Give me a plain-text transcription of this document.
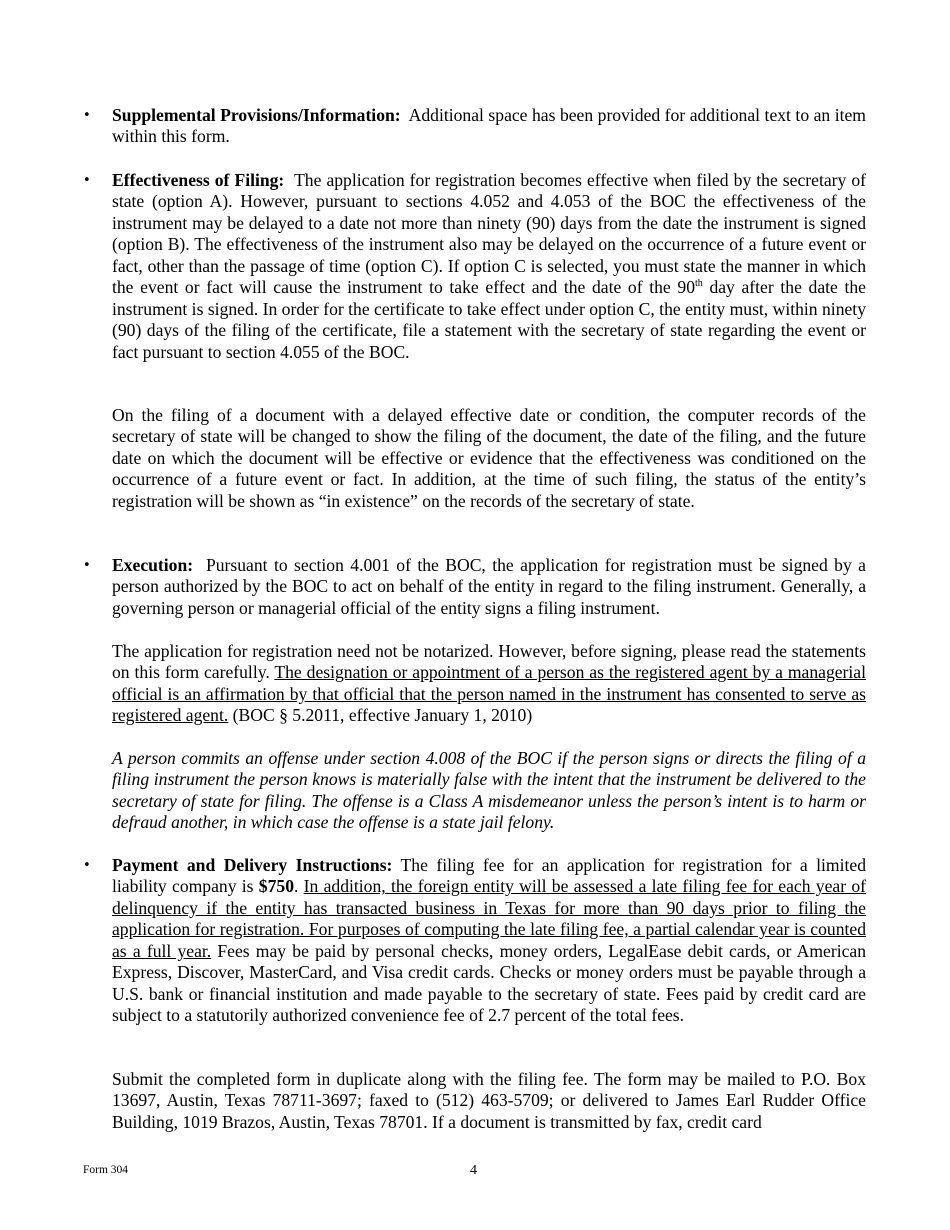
• Supplemental Provisions/Information: Additional space has been provided for additional text to an item within this form.

• Effectiveness of Filing: The application for registration becomes effective when filed by the secretary of state (option A). However, pursuant to sections 4.052 and 4.053 of the BOC the effectiveness of the instrument may be delayed to a date not more than ninety (90) days from the date the instrument is signed (option B). The effectiveness of the instrument also may be delayed on the occurrence of a future event or fact, other than the passage of time (option C). If option C is selected, you must state the manner in which the event or fact will cause the instrument to take effect and the date of the 90th day after the date the instrument is signed. In order for the certificate to take effect under option C, the entity must, within ninety (90) days of the filing of the certificate, file a statement with the secretary of state regarding the event or fact pursuant to section 4.055 of the BOC.

On the filing of a document with a delayed effective date or condition, the computer records of the secretary of state will be changed to show the filing of the document, the date of the filing, and the future date on which the document will be effective or evidence that the effectiveness was conditioned on the occurrence of a future event or fact. In addition, at the time of such filing, the status of the entity’s registration will be shown as “in existence” on the records of the secretary of state.

• Execution: Pursuant to section 4.001 of the BOC, the application for registration must be signed by a person authorized by the BOC to act on behalf of the entity in regard to the filing instrument. Generally, a governing person or managerial official of the entity signs a filing instrument.

The application for registration need not be notarized. However, before signing, please read the statements on this form carefully. The designation or appointment of a person as the registered agent by a managerial official is an affirmation by that official that the person named in the instrument has consented to serve as registered agent. (BOC § 5.2011, effective January 1, 2010)

A person commits an offense under section 4.008 of the BOC if the person signs or directs the filing of a filing instrument the person knows is materially false with the intent that the instrument be delivered to the secretary of state for filing. The offense is a Class A misdemeanor unless the person’s intent is to harm or defraud another, in which case the offense is a state jail felony.

• Payment and Delivery Instructions: The filing fee for an application for registration for a limited liability company is $750. In addition, the foreign entity will be assessed a late filing fee for each year of delinquency if the entity has transacted business in Texas for more than 90 days prior to filing the application for registration. For purposes of computing the late filing fee, a partial calendar year is counted as a full year. Fees may be paid by personal checks, money orders, LegalEase debit cards, or American Express, Discover, MasterCard, and Visa credit cards. Checks or money orders must be payable through a U.S. bank or financial institution and made payable to the secretary of state. Fees paid by credit card are subject to a statutorily authorized convenience fee of 2.7 percent of the total fees.

Submit the completed form in duplicate along with the filing fee. The form may be mailed to P.O. Box 13697, Austin, Texas 78711-3697; faxed to (512) 463-5709; or delivered to James Earl Rudder Office Building, 1019 Brazos, Austin, Texas 78701. If a document is transmitted by fax, credit card

Form 304	4
